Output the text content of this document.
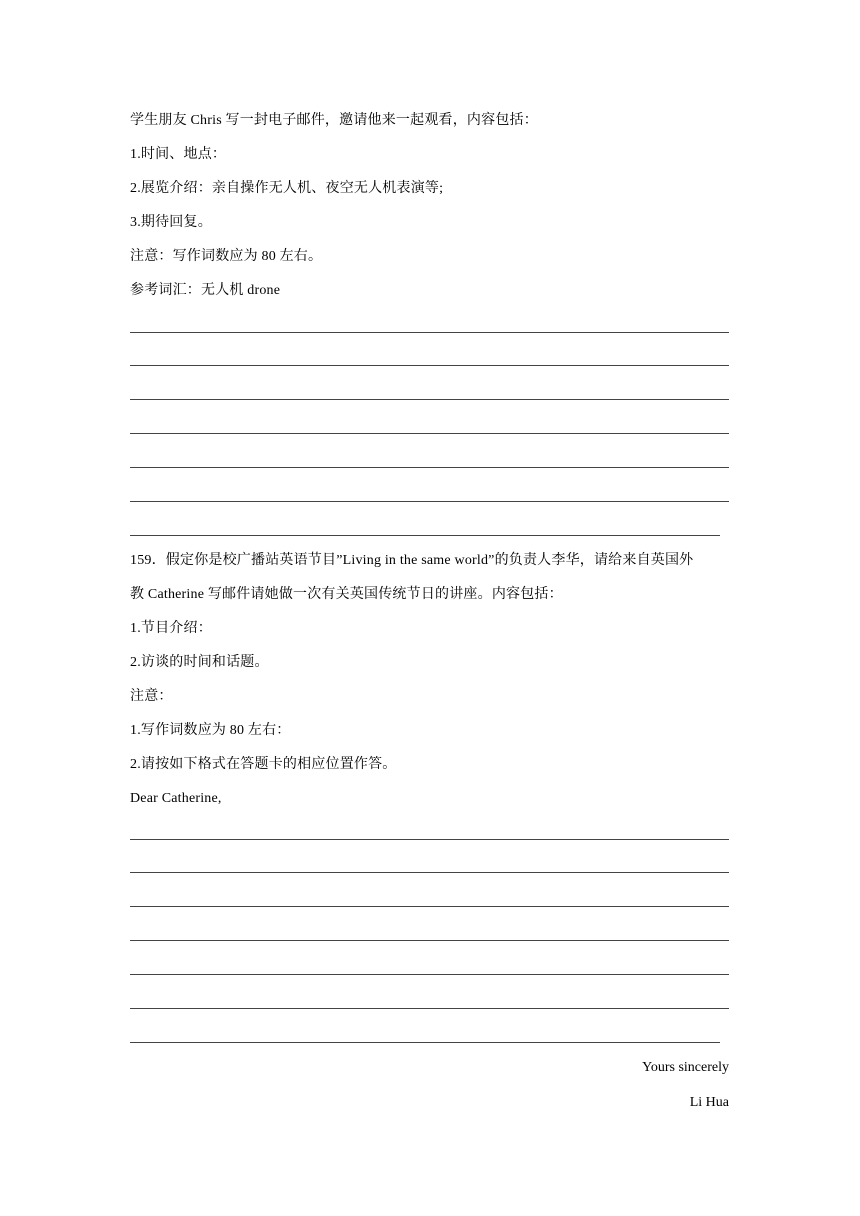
学生朋友 Chris 写一封电子邮件，邀请他来一起观看，内容包括：
1.时间、地点：
2.展览介绍：亲自操作无人机、夜空无人机表演等;
3.期待回复。
注意：写作词数应为 80 左右。
参考词汇：无人机 drone
159．假定你是校广播站英语节目”Living in the same world”的负责人李华，请给来自英国外
教 Catherine 写邮件请她做一次有关英国传统节日的讲座。内容包括：
1.节目介绍：
2.访谈的时间和话题。
注意：
1.写作词数应为 80 左右：
2.请按如下格式在答题卡的相应位置作答。
Dear Catherine,
Yours sincerely
Li Hua
